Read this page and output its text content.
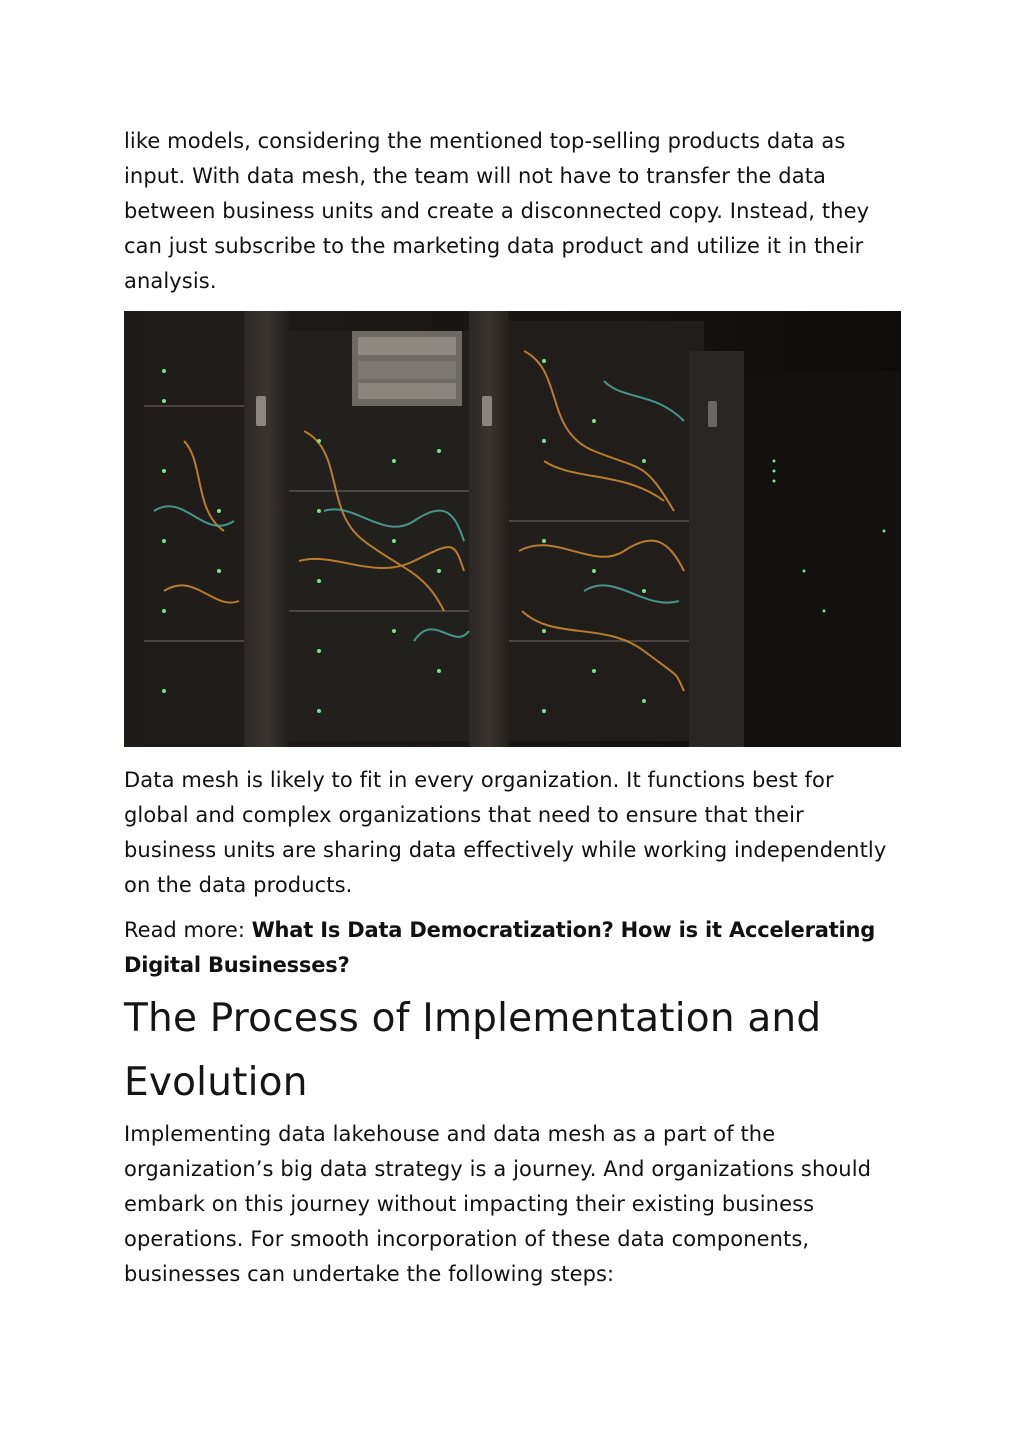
like models, considering the mentioned top-selling products data as input. With data mesh, the team will not have to transfer the data between business units and create a disconnected copy. Instead, they can just subscribe to the marketing data product and utilize it in their analysis.

Data mesh is likely to fit in every organization. It functions best for global and complex organizations that need to ensure that their business units are sharing data effectively while working independently on the data products.

Read more: What Is Data Democratization? How is it Accelerating Digital Businesses?

The Process of Implementation and Evolution

Implementing data lakehouse and data mesh as a part of the organization’s big data strategy is a journey. And organizations should embark on this journey without impacting their existing business operations. For smooth incorporation of these data components, businesses can undertake the following steps:
